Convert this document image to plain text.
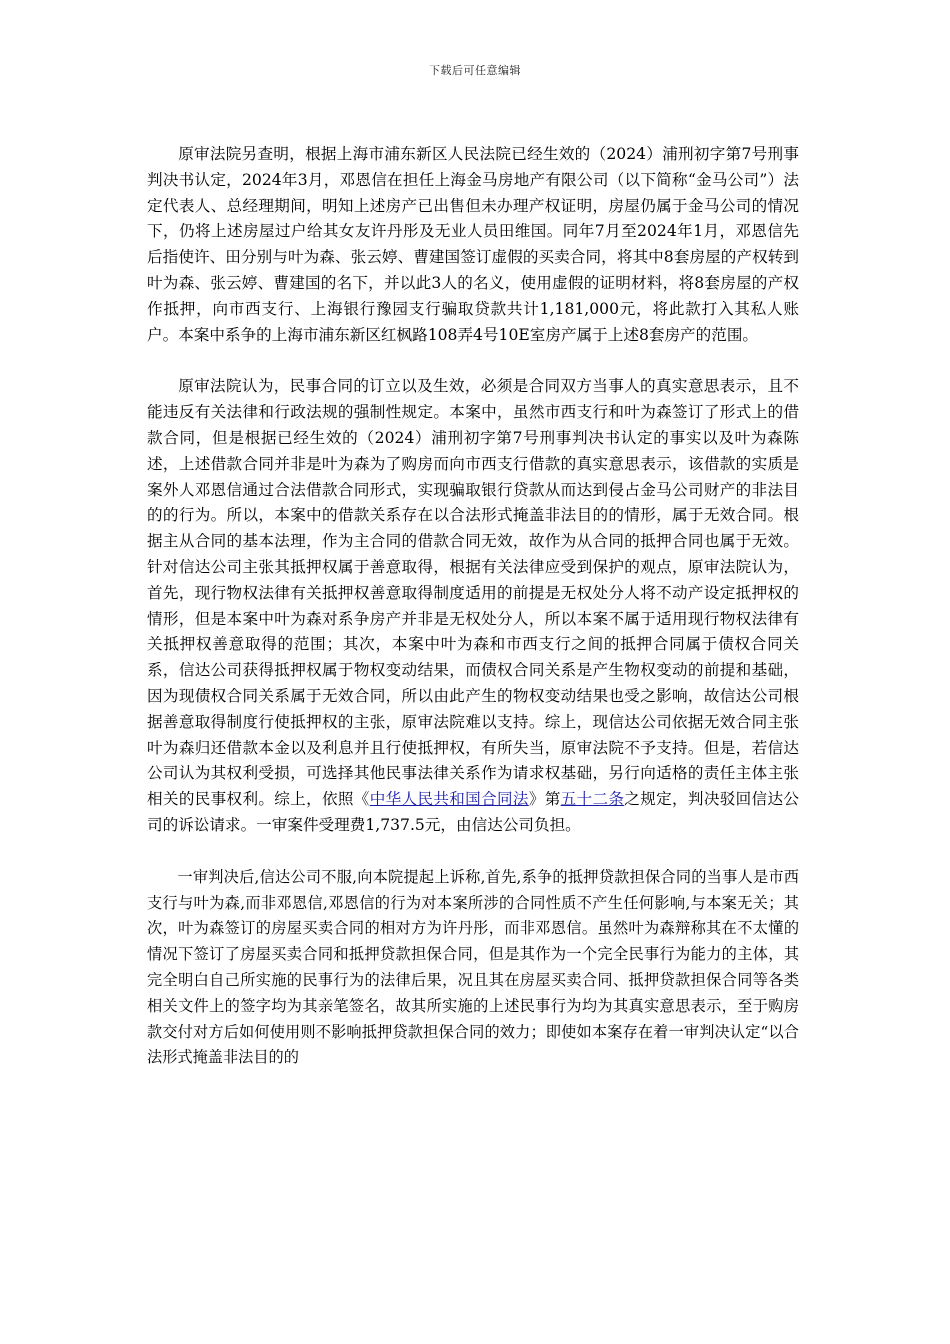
下载后可任意编辑

原审法院另查明，根据上海市浦东新区人民法院已经生效的（2024）浦刑初字第7号刑事判决书认定，2024年3月，邓恩信在担任上海金马房地产有限公司（以下简称“金马公司”）法定代表人、总经理期间，明知上述房产已出售但未办理产权证明，房屋仍属于金马公司的情况下，仍将上述房屋过户给其女友许丹彤及无业人员田维国。同年7月至2024年1月，邓恩信先后指使许、田分别与叶为森、张云婷、曹建国签订虚假的买卖合同，将其中8套房屋的产权转到叶为森、张云婷、曹建国的名下，并以此3人的名义，使用虚假的证明材料，将8套房屋的产权作抵押，向市西支行、上海银行豫园支行骗取贷款共计1,181,000元，将此款打入其私人账户。本案中系争的上海市浦东新区红枫路108弄4号10E室房产属于上述8套房产的范围。

原审法院认为，民事合同的订立以及生效，必须是合同双方当事人的真实意思表示，且不能违反有关法律和行政法规的强制性规定。本案中，虽然市西支行和叶为森签订了形式上的借款合同，但是根据已经生效的（2024）浦刑初字第7号刑事判决书认定的事实以及叶为森陈述，上述借款合同并非是叶为森为了购房而向市西支行借款的真实意思表示，该借款的实质是案外人邓恩信通过合法借款合同形式，实现骗取银行贷款从而达到侵占金马公司财产的非法目的的行为。所以，本案中的借款关系存在以合法形式掩盖非法目的的情形，属于无效合同。根据主从合同的基本法理，作为主合同的借款合同无效，故作为从合同的抵押合同也属于无效。针对信达公司主张其抵押权属于善意取得，根据有关法律应受到保护的观点，原审法院认为，首先，现行物权法律有关抵押权善意取得制度适用的前提是无权处分人将不动产设定抵押权的情形，但是本案中叶为森对系争房产并非是无权处分人，所以本案不属于适用现行物权法律有关抵押权善意取得的范围；其次，本案中叶为森和市西支行之间的抵押合同属于债权合同关系，信达公司获得抵押权属于物权变动结果，而债权合同关系是产生物权变动的前提和基础，因为现债权合同关系属于无效合同，所以由此产生的物权变动结果也受之影响，故信达公司根据善意取得制度行使抵押权的主张，原审法院难以支持。综上，现信达公司依据无效合同主张叶为森归还借款本金以及利息并且行使抵押权，有所失当，原审法院不予支持。但是，若信达公司认为其权利受损，可选择其他民事法律关系作为请求权基础，另行向适格的责任主体主张相关的民事权利。综上，依照《中华人民共和国合同法》第五十二条之规定，判决驳回信达公司的诉讼请求。一审案件受理费1,737.5元，由信达公司负担。

一审判决后,信达公司不服,向本院提起上诉称,首先,系争的抵押贷款担保合同的当事人是市西支行与叶为森,而非邓恩信,邓恩信的行为对本案所涉的合同性质不产生任何影响,与本案无关；其次，叶为森签订的房屋买卖合同的相对方为许丹彤，而非邓恩信。虽然叶为森辩称其在不太懂的情况下签订了房屋买卖合同和抵押贷款担保合同，但是其作为一个完全民事行为能力的主体，其完全明白自己所实施的民事行为的法律后果，况且其在房屋买卖合同、抵押贷款担保合同等各类相关文件上的签字均为其亲笔签名，故其所实施的上述民事行为均为其真实意思表示，至于购房款交付对方后如何使用则不影响抵押贷款担保合同的效力；即使如本案存在着一审判决认定“以合法形式掩盖非法目的的
